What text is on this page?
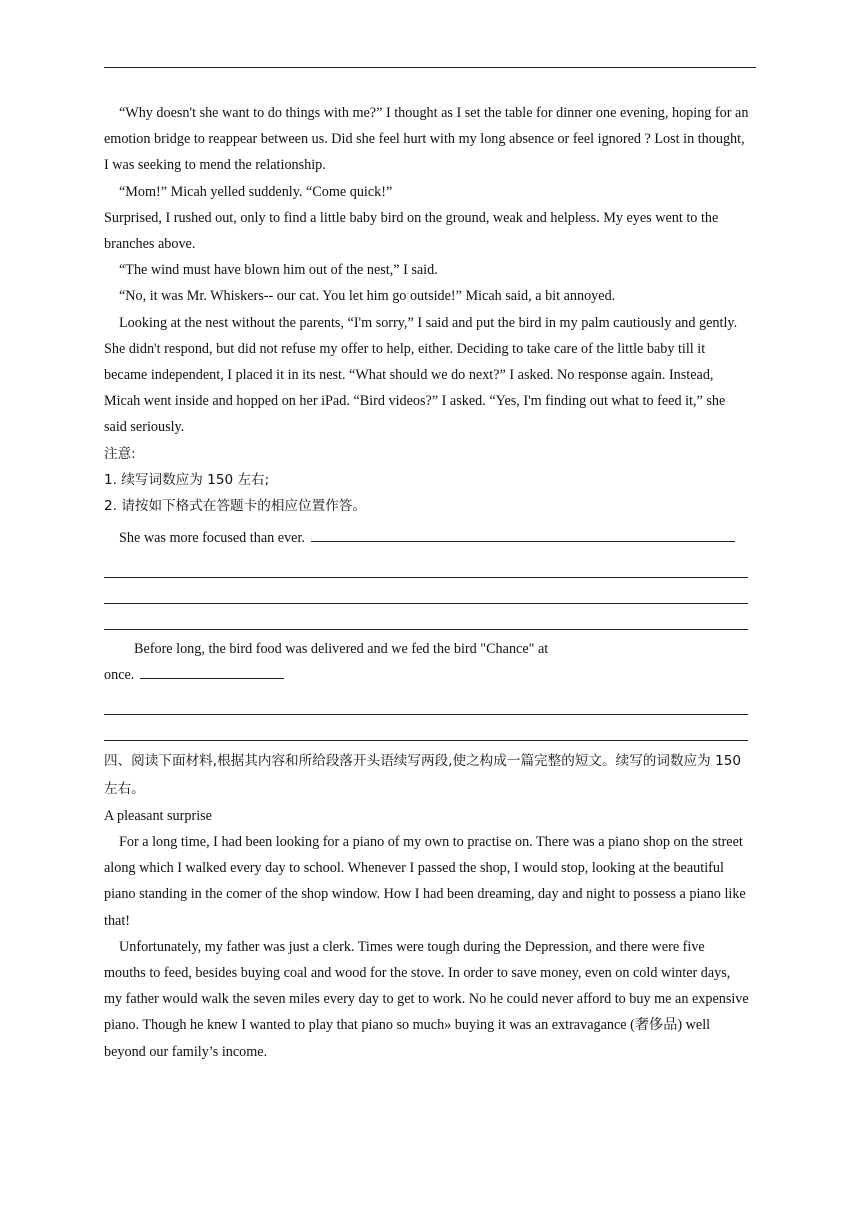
“Why doesn't she want to do things with me?” I thought as I set the table for dinner one evening, hoping for an emotion bridge to reappear between us. Did she feel hurt with my long absence or feel ignored ? Lost in thought, I was seeking to mend the relationship.

“Mom!” Micah yelled suddenly. “Come quick!”

Surprised, I rushed out, only to find a little baby bird on the ground, weak and helpless. My eyes went to the branches above.

“The wind must have blown him out of the nest,” I said.

“No, it was Mr. Whiskers-- our cat. You let him go outside!” Micah said, a bit annoyed.

Looking at the nest without the parents, “I'm sorry,” I said and put the bird in my palm cautiously and gently. She didn't respond, but did not refuse my offer to help, either. Deciding to take care of the little baby till it became independent, I placed it in its nest. “What should we do next?” I asked. No response again. Instead, Micah went inside and hopped on her iPad. “Bird videos?” I asked. “Yes, I'm finding out what to feed it,” she said seriously.

注意:

1. 续写词数应为 150 左右;

2. 请按如下格式在答题卡的相应位置作答。

She was more focused than ever.

Before long, the bird food was delivered and we fed the bird "Chance" at

once.

四、阅读下面材料,根据其内容和所给段落开头语续写两段,使之构成一篇完整的短文。续写的词数应为 150 左右。

A pleasant surprise

For a long time, I had been looking for a piano of my own to practise on. There was a piano shop on the street along which I walked every day to school. Whenever I passed the shop, I would stop, looking at the beautiful piano standing in the comer of the shop window. How I had been dreaming, day and night to possess a piano like that!

Unfortunately, my father was just a clerk. Times were tough during the Depression, and there were five mouths to feed, besides buying coal and wood for the stove. In order to save money, even on cold winter days, my father would walk the seven miles every day to get to work. No he could never afford to buy me an expensive piano. Though he knew I wanted to play that piano so much» buying it was an extravagance (奢侈品) well beyond our family’s income.
